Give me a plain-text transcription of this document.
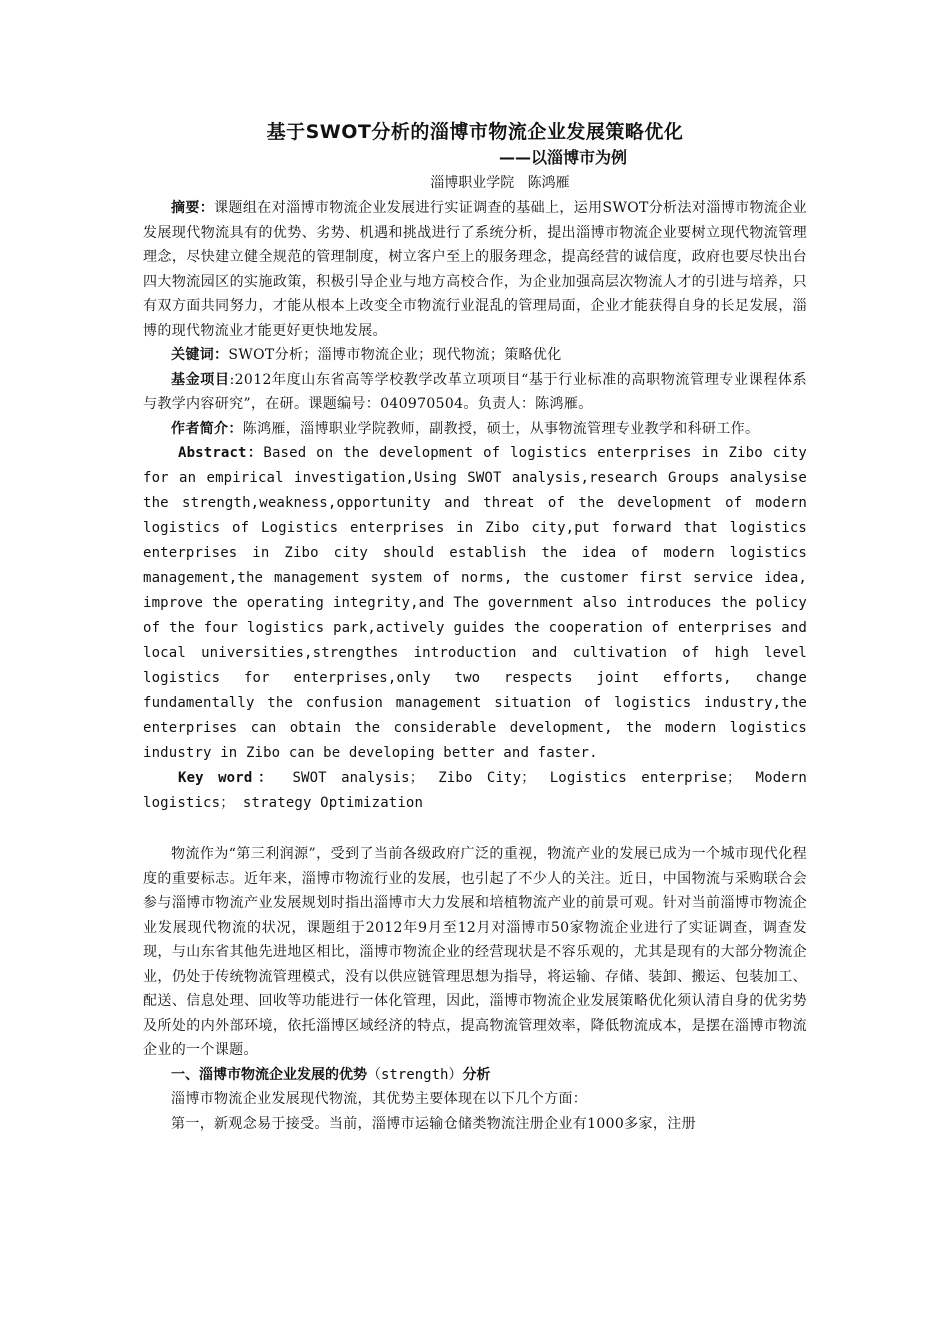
基于SWOT分析的淄博市物流企业发展策略优化

——以淄博市为例

淄博职业学院 陈鸿雁

摘要：课题组在对淄博市物流企业发展进行实证调查的基础上，运用SWOT分析法对淄博市物流企业发展现代物流具有的优势、劣势、机遇和挑战进行了系统分析，提出淄博市物流企业要树立现代物流管理理念，尽快建立健全规范的管理制度，树立客户至上的服务理念，提高经营的诚信度，政府也要尽快出台四大物流园区的实施政策，积极引导企业与地方高校合作，为企业加强高层次物流人才的引进与培养，只有双方面共同努力，才能从根本上改变全市物流行业混乱的管理局面，企业才能获得自身的长足发展，淄博的现代物流业才能更好更快地发展。

关键词：SWOT分析；淄博市物流企业；现代物流；策略优化

基金项目:2012年度山东省高等学校教学改革立项项目“基于行业标准的高职物流管理专业课程体系与教学内容研究”，在研。课题编号：040970504。负责人：陈鸿雁。

作者简介：陈鸿雁，淄博职业学院教师，副教授，硕士，从事物流管理专业教学和科研工作。

Abstract：Based on the development of logistics enterprises in Zibo city for an empirical investigation,Using SWOT analysis,research Groups analysise the strength,weakness,opportunity and threat of the development of modern logistics of Logistics enterprises in Zibo city,put forward that logistics enterprises in Zibo city should establish the idea of modern logistics management,the management system of norms, the customer first service idea, improve the operating integrity,and The government also introduces the policy of the four logistics park,actively guides the cooperation of enterprises and local universities,strengthes introduction and cultivation of high level logistics for enterprises,only two respects joint efforts, change fundamentally the confusion management situation of logistics industry,the enterprises can obtain the considerable development, the modern logistics industry in Zibo can be developing better and faster.

Key word： SWOT analysis； Zibo City； Logistics enterprise； Modern logistics； strategy Optimization

物流作为“第三利润源”，受到了当前各级政府广泛的重视，物流产业的发展已成为一个城市现代化程度的重要标志。近年来，淄博市物流行业的发展，也引起了不少人的关注。近日，中国物流与采购联合会参与淄博市物流产业发展规划时指出淄博市大力发展和培植物流产业的前景可观。针对当前淄博市物流企业发展现代物流的状况，课题组于2012年9月至12月对淄博市50家物流企业进行了实证调查，调查发现，与山东省其他先进地区相比，淄博市物流企业的经营现状是不容乐观的，尤其是现有的大部分物流企业，仍处于传统物流管理模式，没有以供应链管理思想为指导，将运输、存储、装卸、搬运、包装加工、配送、信息处理、回收等功能进行一体化管理，因此，淄博市物流企业发展策略优化须认清自身的优劣势及所处的内外部环境，依托淄博区域经济的特点，提高物流管理效率，降低物流成本，是摆在淄博市物流企业的一个课题。

一、淄博市物流企业发展的优势（strength）分析

淄博市物流企业发展现代物流，其优势主要体现在以下几个方面：

第一，新观念易于接受。当前，淄博市运输仓储类物流注册企业有1000多家，注册
